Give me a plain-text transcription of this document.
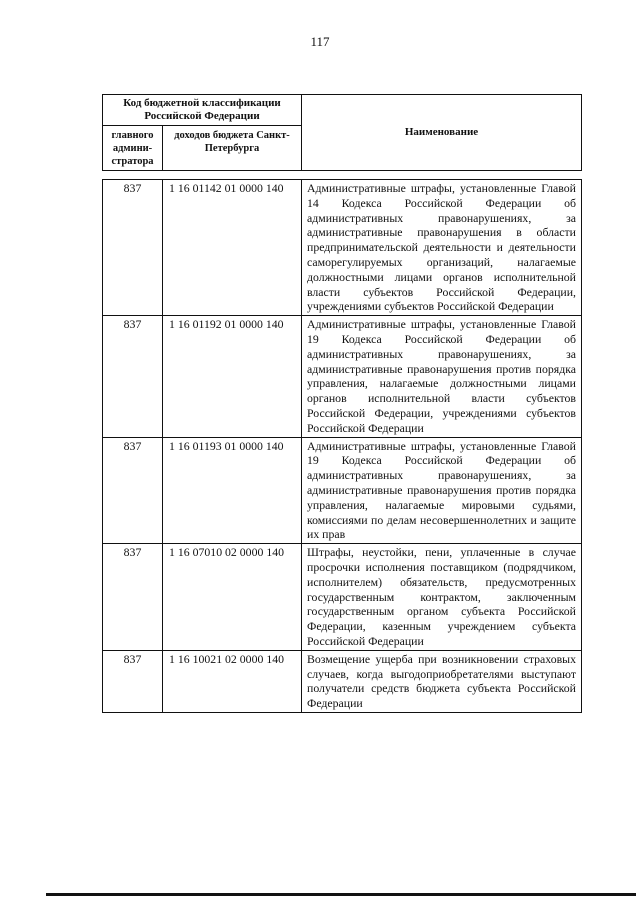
117
Код бюджетной классификации Российской Федерации		Наименование
главного админи-стратора	доходов бюджета Санкт-Петербурга	
837	1 16 01142 01 0000 140	Административные штрафы, установленные Главой 14 Кодекса Российской Федерации об административных правонарушениях, за административные правонарушения в области предпринимательской деятельности и деятельности саморегулируемых организаций, налагаемые должностными лицами органов исполнительной власти субъектов Российской Федерации, учреждениями субъектов Российской Федерации
837	1 16 01192 01 0000 140	Административные штрафы, установленные Главой 19 Кодекса Российской Федерации об административных правонарушениях, за административные правонарушения против порядка управления, налагаемые должностными лицами органов исполнительной власти субъектов Российской Федерации, учреждениями субъектов Российской Федерации
837	1 16 01193 01 0000 140	Административные штрафы, установленные Главой 19 Кодекса Российской Федерации об административных правонарушениях, за административные правонарушения против порядка управления, налагаемые мировыми судьями, комиссиями по делам несовершеннолетних и защите их прав
837	1 16 07010 02 0000 140	Штрафы, неустойки, пени, уплаченные в случае просрочки исполнения поставщиком (подрядчиком, исполнителем) обязательств, предусмотренных государственным контрактом, заключенным государственным органом субъекта Российской Федерации, казенным учреждением субъекта Российской Федерации
837	1 16 10021 02 0000 140	Возмещение ущерба при возникновении страховых случаев, когда выгодоприобретателями выступают получатели средств бюджета субъекта Российской Федерации
